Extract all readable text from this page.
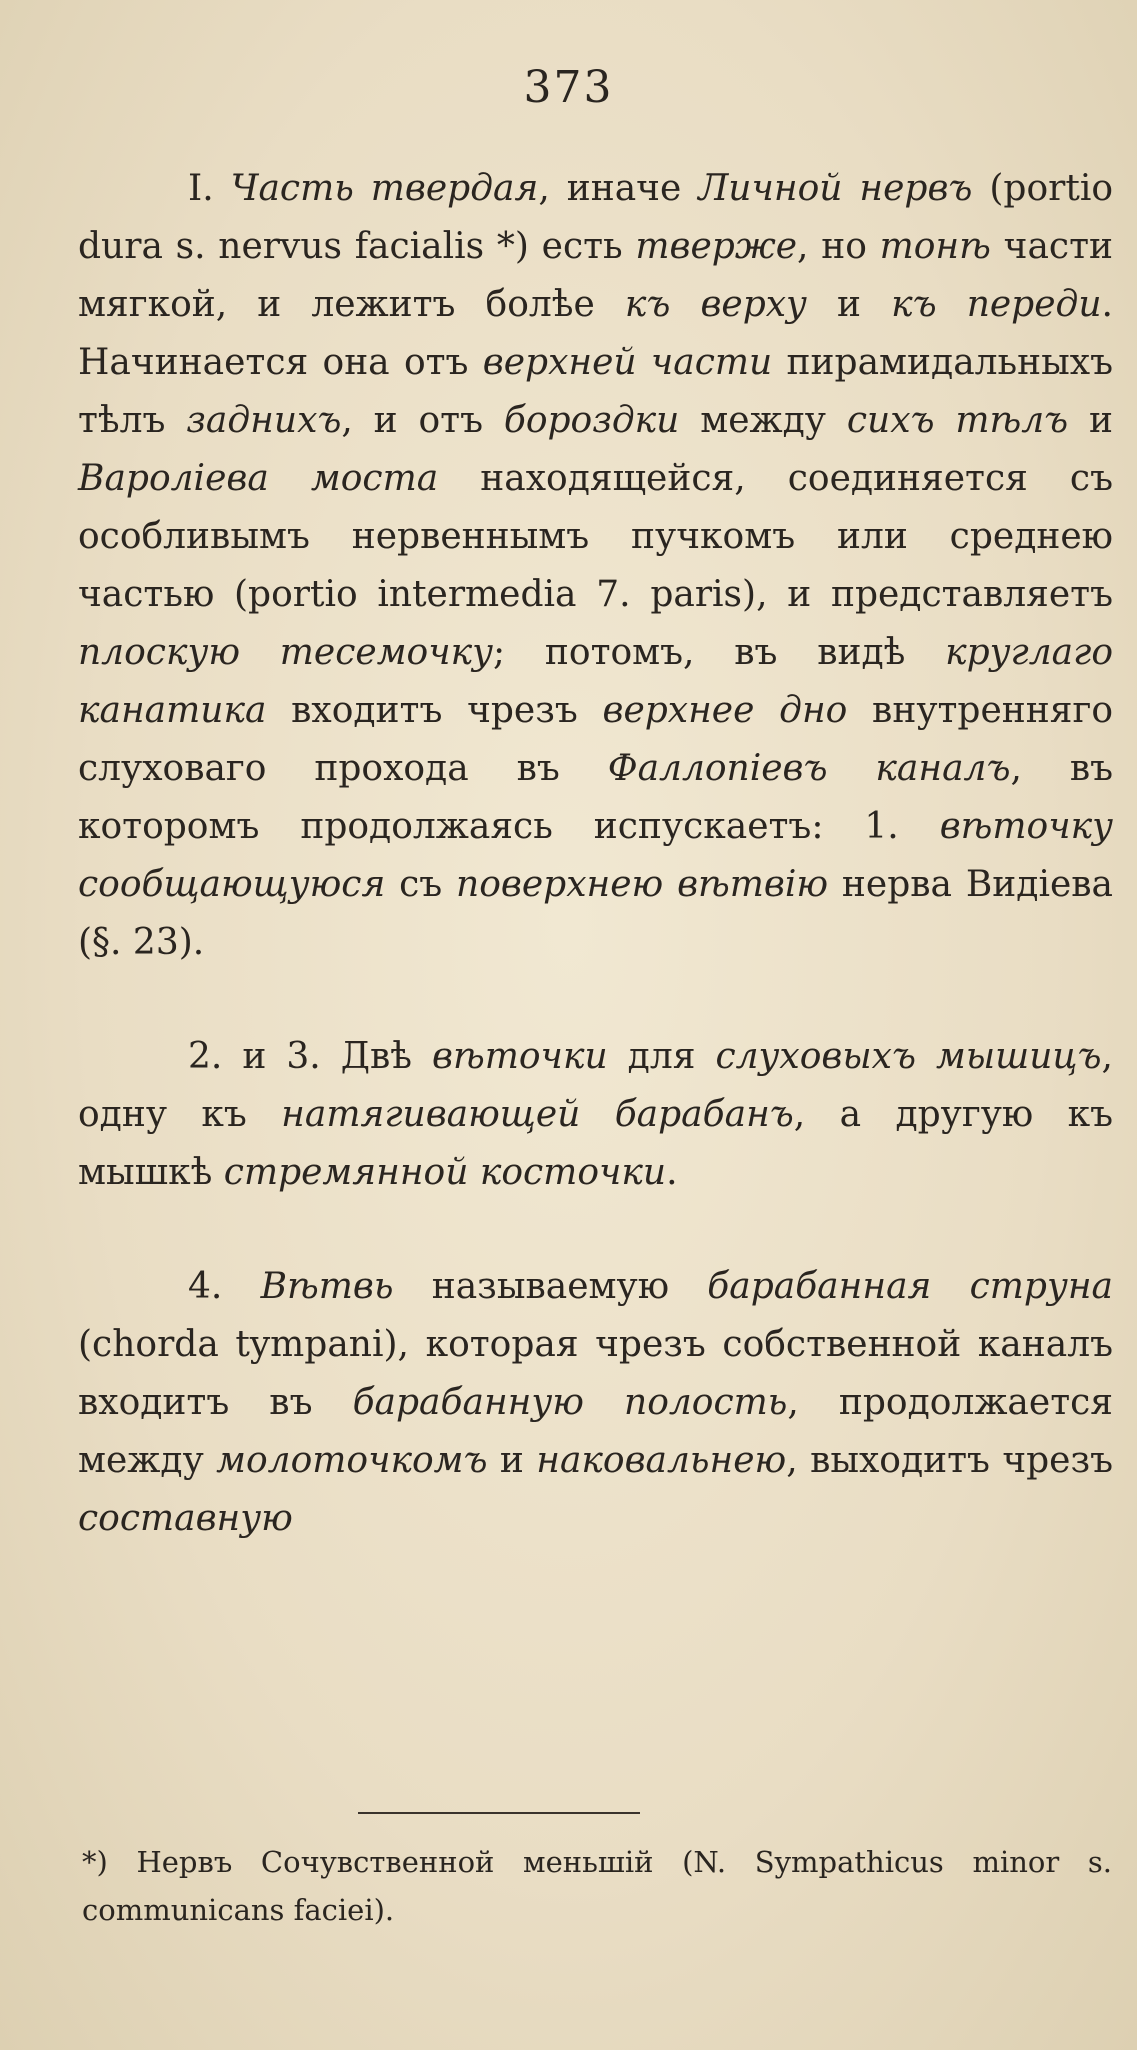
373

I. Часть твердая, иначе Личной нервъ (portio dura s. nervus facialis *) есть тверже, но тонѣ части мягкой, и лежитъ болѣе къ верху и къ переди. Начинается она отъ верхней части пирамидальныхъ тѣлъ заднихъ, и отъ бороздки между сихъ тѣлъ и Вароліева моста находящейся, соединяется съ особливымъ нервеннымъ пучкомъ или среднею частью (portio intermedia 7. paris), и представляетъ плоскую тесемочку; потомъ, въ видѣ круглаго канатика входитъ чрезъ верхнее дно внутренняго слуховаго прохода въ Фаллопіевъ каналъ, въ которомъ продолжаясь испускаетъ: 1. вѣточку сообщающуюся съ поверхнею вѣтвію нерва Видіева (§. 23).

2. и 3. Двѣ вѣточки для слуховыхъ мышицъ, одну къ натягивающей барабанъ, а другую къ мышкѣ стремянной косточки.

4. Вѣтвь называемую барабанная струна (chorda tympani), которая чрезъ собственной каналъ входитъ въ барабанную полость, продолжается между молоточкомъ и наковальнею, выходитъ чрезъ составную

*) Нервъ Сочувственной меньшій (N. Sympathicus minor s. communicans faciei).
